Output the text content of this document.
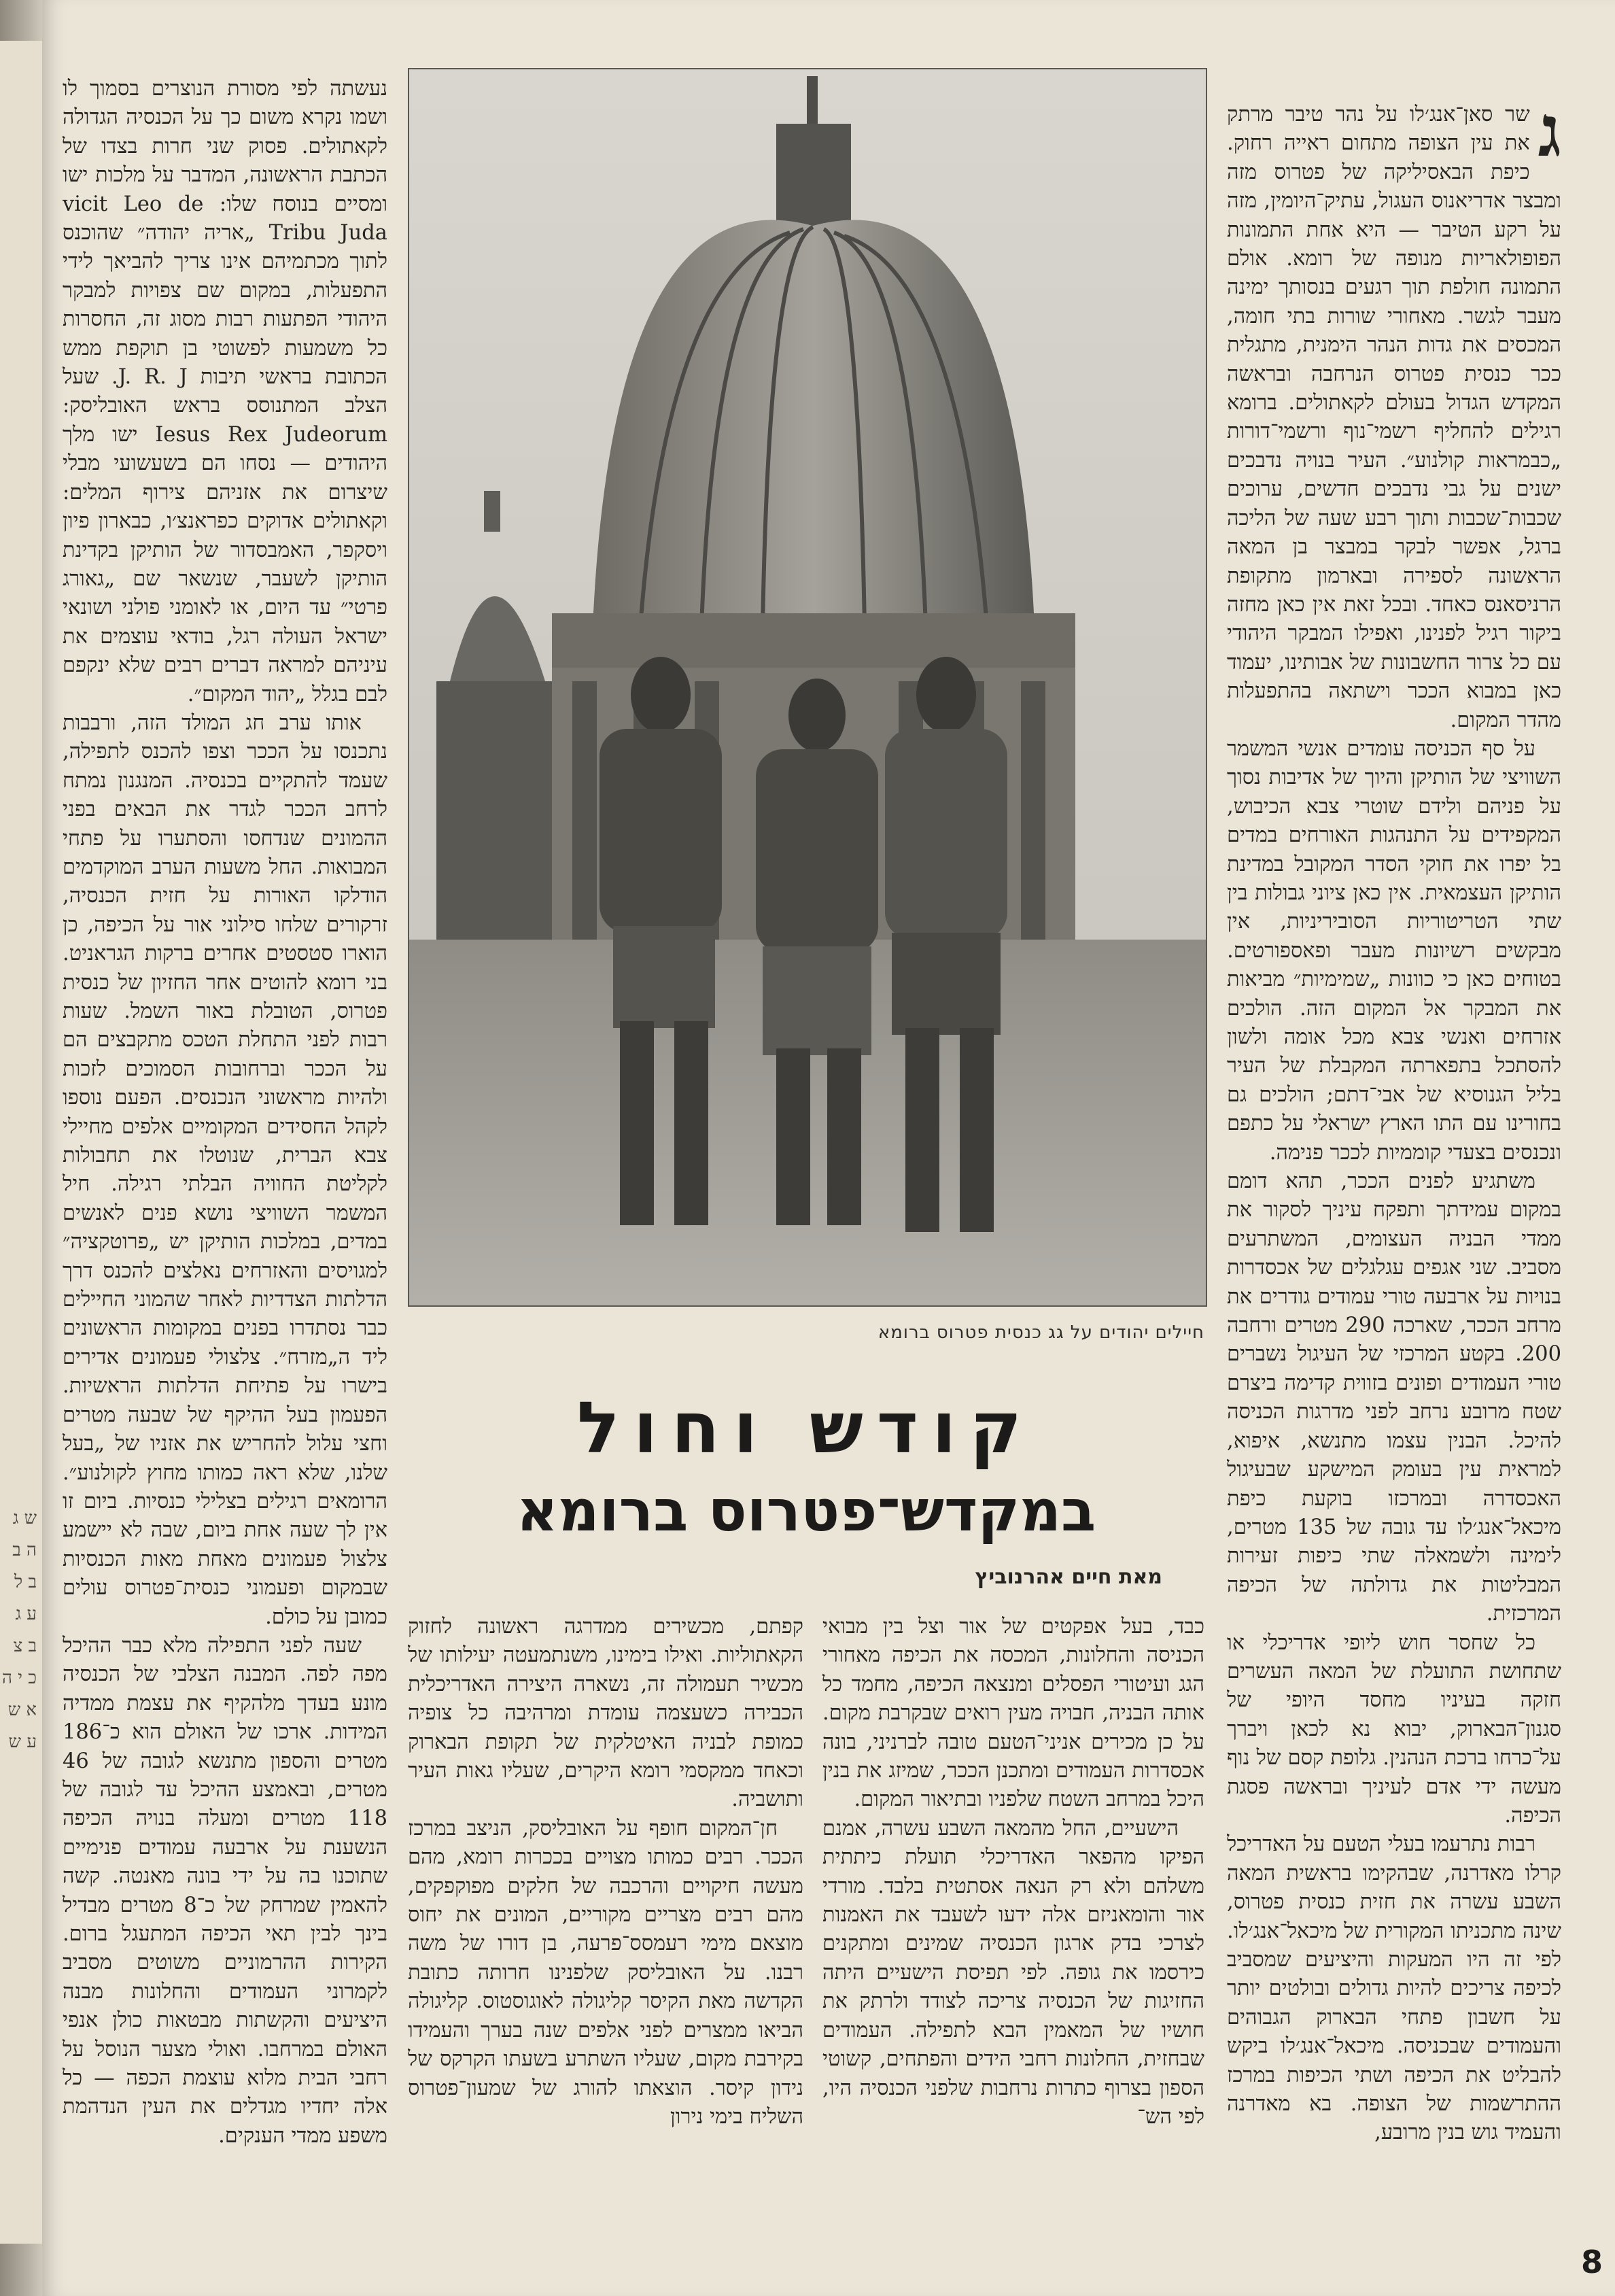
ש ג ה ב ב ל ע ג ב צ כ י ה א ש ע ש

ג
שר סאן־אנג׳לו על נהר טיבר מרתק את עין הצופה מתחום ראייה רחוק. כיפת הבאסיליקה של פטרוס מזה ומבצר אדריאנוס העגול, עתיק־היומין, מזה על רקע הטיבר — היא אחת התמונות הפופולאריות מנופה של רומא. אולם התמונה חולפת תוך רגעים בנסותך ימינה מעבר לגשר. מאחורי שורות בתי חומה, המכסים את גדות הנהר הימנית, מתגלית ככר כנסית פטרוס הנרחבה ובראשה המקדש הגדול בעולם לקאתולים. ברומא רגילים להחליף רשמי־נוף ורשמי־דורות „כבמראות קולנוע״. העיר בנויה נדבכים ישנים על גבי נדבכים חדשים, ערוכים שכבות־שכבות ותוך רבע שעה של הליכה ברגל, אפשר לבקר במבצר בן המאה הראשונה לספירה ובארמון מתקופת הרניסאנס כאחד. ובכל זאת אין כאן מחזה ביקור רגיל לפנינו, ואפילו המבקר היהודי עם כל צרור החשבונות של אבותינו, יעמוד כאן במבוא הככר וישתאה בהתפעלות מהדר המקום.

על סף הכניסה עומדים אנשי המשמר השוויצי של הותיקן והיוך של אדיבות נסוך על פניהם ולידם שוטרי צבא הכיבוש, המקפידים על התנהגות האורחים במדים בל יפרו את חוקי הסדר המקובל במדינת הותיקן העצמאית. אין כאן ציוני גבולות בין שתי הטריטוריות הסוביריניות, אין מבקשים רשיונות מעבר ופאספורטים. בטוחים כאן כי כוונות „שמימיות״ מביאות את המבקר אל המקום הזה. הולכים אזרחים ואנשי צבא מכל אומה ולשון להסתכל בתפארתה המקבלת של העיר בליל הגנוסיא של אבי־דתם; הולכים גם בחורינו עם התו הארץ ישראלי על כתפם ונכנסים בצעדי קוממיות לככר פנימה.

משתגיע לפנים הככר, תהא דומם במקום עמידתך ותפקח עיניך לסקור את ממדי הבניה העצומים, המשתרעים מסביב. שני אגפים עגלגלים של אכסדרות בנויות על ארבעה טורי עמודים גודרים את מרחב הככר, שארכה 290 מטרים ורחבה 200. בקטע המרכזי של העיגול נשברים טורי העמודים ופונים בזווית קדימה ביצרם שטח מרובע נרחב לפני מדרגות הכניסה להיכל. הבנין עצמו מתנשא, איפוא, למראית עין בעומק המישקע שבעיגול האכסדרה ובמרכזו בוקעת כיפת מיכאל־אנג׳לו עד גובה של 135 מטרים, לימינה ולשמאלה שתי כיפות זעירות המבליטות את גדולתה של הכיפה המרכזית.

כל שחסר חוש ליופי אדריכלי או שתחושת התועלת של המאה העשרים חזקה בעיניו מחסד היופי של סגנון־הבארוק, יבוא נא לכאן ויברך על־כרחו ברכת הנהנין. גלופת קסם של נוף מעשה ידי אדם לעיניך ובראשה פסגת הכיפה.

רבות נתרעמו בעלי הטעם על האדריכל קרלו מאדרנה, שבהקימו בראשית המאה השבע עשרה את חזית כנסית פטרוס, שינה מתכניתו המקורית של מיכאל־אנג׳לו. לפי זה היו המעקות והיציעים שמסביב לכיפה צריכים להיות גדולים ובולטים יותר על חשבון פתחי הבארוק הגבוהים והעמודים שבכניסה. מיכאל־אנג׳לו ביקש להבליט את הכיפה ושתי הכיפות במרכז ההתרשמות של הצופה. בא מאדרנה והעמיד גוש בנין מרובע,

חיילים יהודים על גג כנסית פטרוס ברומא
קודש וחול
במקדש־פטרוס ברומא
מאת חיים אהרנוביץ

כבד, בעל אפקטים של אור וצל בין מבואי הכניסה והחלונות, המכסה את הכיפה מאחורי הגג ועיטורי הפסלים ומנצאה הכיפה, מחמד כל אותה הבניה, חבויה מעין רואים שבקרבת מקום. על כן מכירים אניני־הטעם טובה לברניני, בונה אכסדרות העמודים ומתכנן הככר, שמיזג את בנין היכל במרחב השטח שלפניו ובתיאור המקום.

הישעיים, החל מהמאה השבע עשרה, אמנם הפיקו מהפאר האדריכלי תועלת כיתתית משלהם ולא רק הנאה אסתטית בלבד. מורדי אור והומאניזם אלה ידעו לשעבד את האמנות לצרכי בדק ארגון הכנסיה שמינים ומתקנים כירסמו את גופה. לפי תפיסת הישעיים היתה החזיגות של הכנסיה צריכה לצודד ולרתק את חושיו של המאמין הבא לתפילה. העמודים שבחזית, החלונות רחבי הידים והפתחים, קשוטי הספון בצרוף כתרות נרחבות שלפני הכנסיה היו, לפי הש־

קפתם, מכשירים ממדרגה ראשונה לחזוק הקאתוליות. ואילו בימינו, משנתמעטה יעילותו של מכשיר תעמולה זה, נשארה היצירה האדריכלית הכבירה כשעצמה עומדת ומרהיבה כל צופיה כמופת לבניה האיטלקית של תקופת הבארוק וכאחד ממקסמי רומא היקרים, שעליו גאות העיר ותושביה.

חן־המקום חופף על האובליסק, הניצב במרכז הככר. רבים כמותו מצויים בככרות רומא, מהם מעשה חיקויים והרכבה של חלקים מפוקפקים, מהם רבים מצריים מקוריים, המונים את יחוס מוצאם מימי רעמסס־פרעה, בן דורו של משה רבנו. על האובליסק שלפנינו חרותה כתובת הקדשה מאת הקיסר קליגולה לאוגוסטוס. קליגולה הביאו ממצרים לפני אלפים שנה בערך והעמידו בקירבת מקום, שעליו השתרע בשעתו הקרקס של נידון קיסר. הוצאתו להורג של שמעון־פטרוס השליח בימי נירון

נעשתה לפי מסורת הנוצרים בסמוך לו ושמו נקרא משום כך על הכנסיה הגדולה לקאתולים. פסוק שני חרות בצדו של הכתבת הראשונה, המדבר על מלכות ישו ומסיים בנוסח שלו: vicit Leo de Tribu Juda „אריה יהודה״ שהוכנס לתוך מכתמיהם אינו צריך להביאך לידי התפעלות, במקום שם צפויות למבקר היהודי הפתעות רבות מסוג זה, החסרות כל משמעות לפשוטי בן תוקפת ממש הכתובת בראשי תיבות J. R. J. שעל הצלב המתנוסס בראש האובליסק: Iesus Rex Judeorum ישו מלך היהודים — נסחו הם בשעשועי מבלי שיצרום את אזניהם צירוף המלים: וקאתולים אדוקים כפראנצ׳ו, כבארון פיון ויסקפר, האמבסדור של הותיקן בקדינת הותיקן לשעבר, שנשאר שם „גאורג פרטי״ עד היום, או לאומני פולני ושונאי ישראל העולה רגל, בודאי עוצמים את עיניהם למראה דברים רבים שלא ינקפם לבם בגלל „יהוד המקום״.

אותו ערב חג המולד הזה, ורבבות נתכנסו על הככר וצפו להכנס לתפילה, שעמד להתקיים בכנסיה. המנגנון נמתח לרחב הככר לגדר את הבאים בפני ההמונים שנדחסו והסתערו על פתחי המבואות. החל משעות הערב המוקדמים הודלקו האורות על חזית הכנסיה, זרקורים שלחו סילוני אור על הכיפה, כן הוארו סטסטים אחרים ברקות הגראניט. בני רומא להוטים אחר החזיון של כנסית פטרוס, הטובלת באור השמל. שעות רבות לפני התחלת הטכס מתקבצים הם על הככר וברחובות הסמוכים לזכות ולהיות מראשוני הנכנסים. הפעם נוספו לקהל החסידים המקומיים אלפים מחיילי צבא הברית, שנוטלו את תחבולות לקליטת החוויה הבלתי רגילה. חיל המשמר השוויצי נושא פנים לאנשים במדים, במלכות הותיקן יש „פרוטקציה״ למגויסים והאזרחים נאלצים להכנס דרך הדלתות הצדדיות לאחר שהמוני החיילים כבר נסתדרו בפנים במקומות הראשונים ליד ה„מזרח״. צלצולי פעמונים אדירים בישרו על פתיחת הדלתות הראשיות. הפעמון בעל ההיקף של שבעה מטרים וחצי עלול להחריש את אזניו של „בעל שלנו, שלא ראה כמותו מחוץ לקולנוע״. הרומאים רגילים בצלילי כנסיות. ביום זו אין לך שעה אחת ביום, שבה לא יישמע צלצול פעמונים מאחת מאות הכנסיות שבמקום ופעמוני כנסית־פטרוס עולים כמובן על כולם.

שעה לפני התפילה מלא כבר ההיכל מפה לפה. המבנה הצלבי של הכנסיה מונע בעדך מלהקיף את עצמת ממדיה המידות. ארכו של האולם הוא כ־186 מטרים והספון מתנשא לגובה של 46 מטרים, ובאמצע ההיכל עד לגובה של 118 מטרים ומעלה בנויה הכיפה הנשענת על ארבעה עמודים פנימיים שתוכנו בה על ידי בונה מאנטה. קשה להאמין שמרחק של כ־8 מטרים מבדיל בינך לבין תאי הכיפה המתעגל ברום. הקירות ההרמוניים משוטים מסביב לקמרוני העמודים והחלונות מבנה היציעים והקשתות מבטאות כולן אנפי האולם במרחבו. ואולי מצער הנוסל על רחבי הבית מלוא עוצמת הכפה — כל אלה יחדיו מגדלים את העין הנדהמת משפע ממדי הענקים.

8
